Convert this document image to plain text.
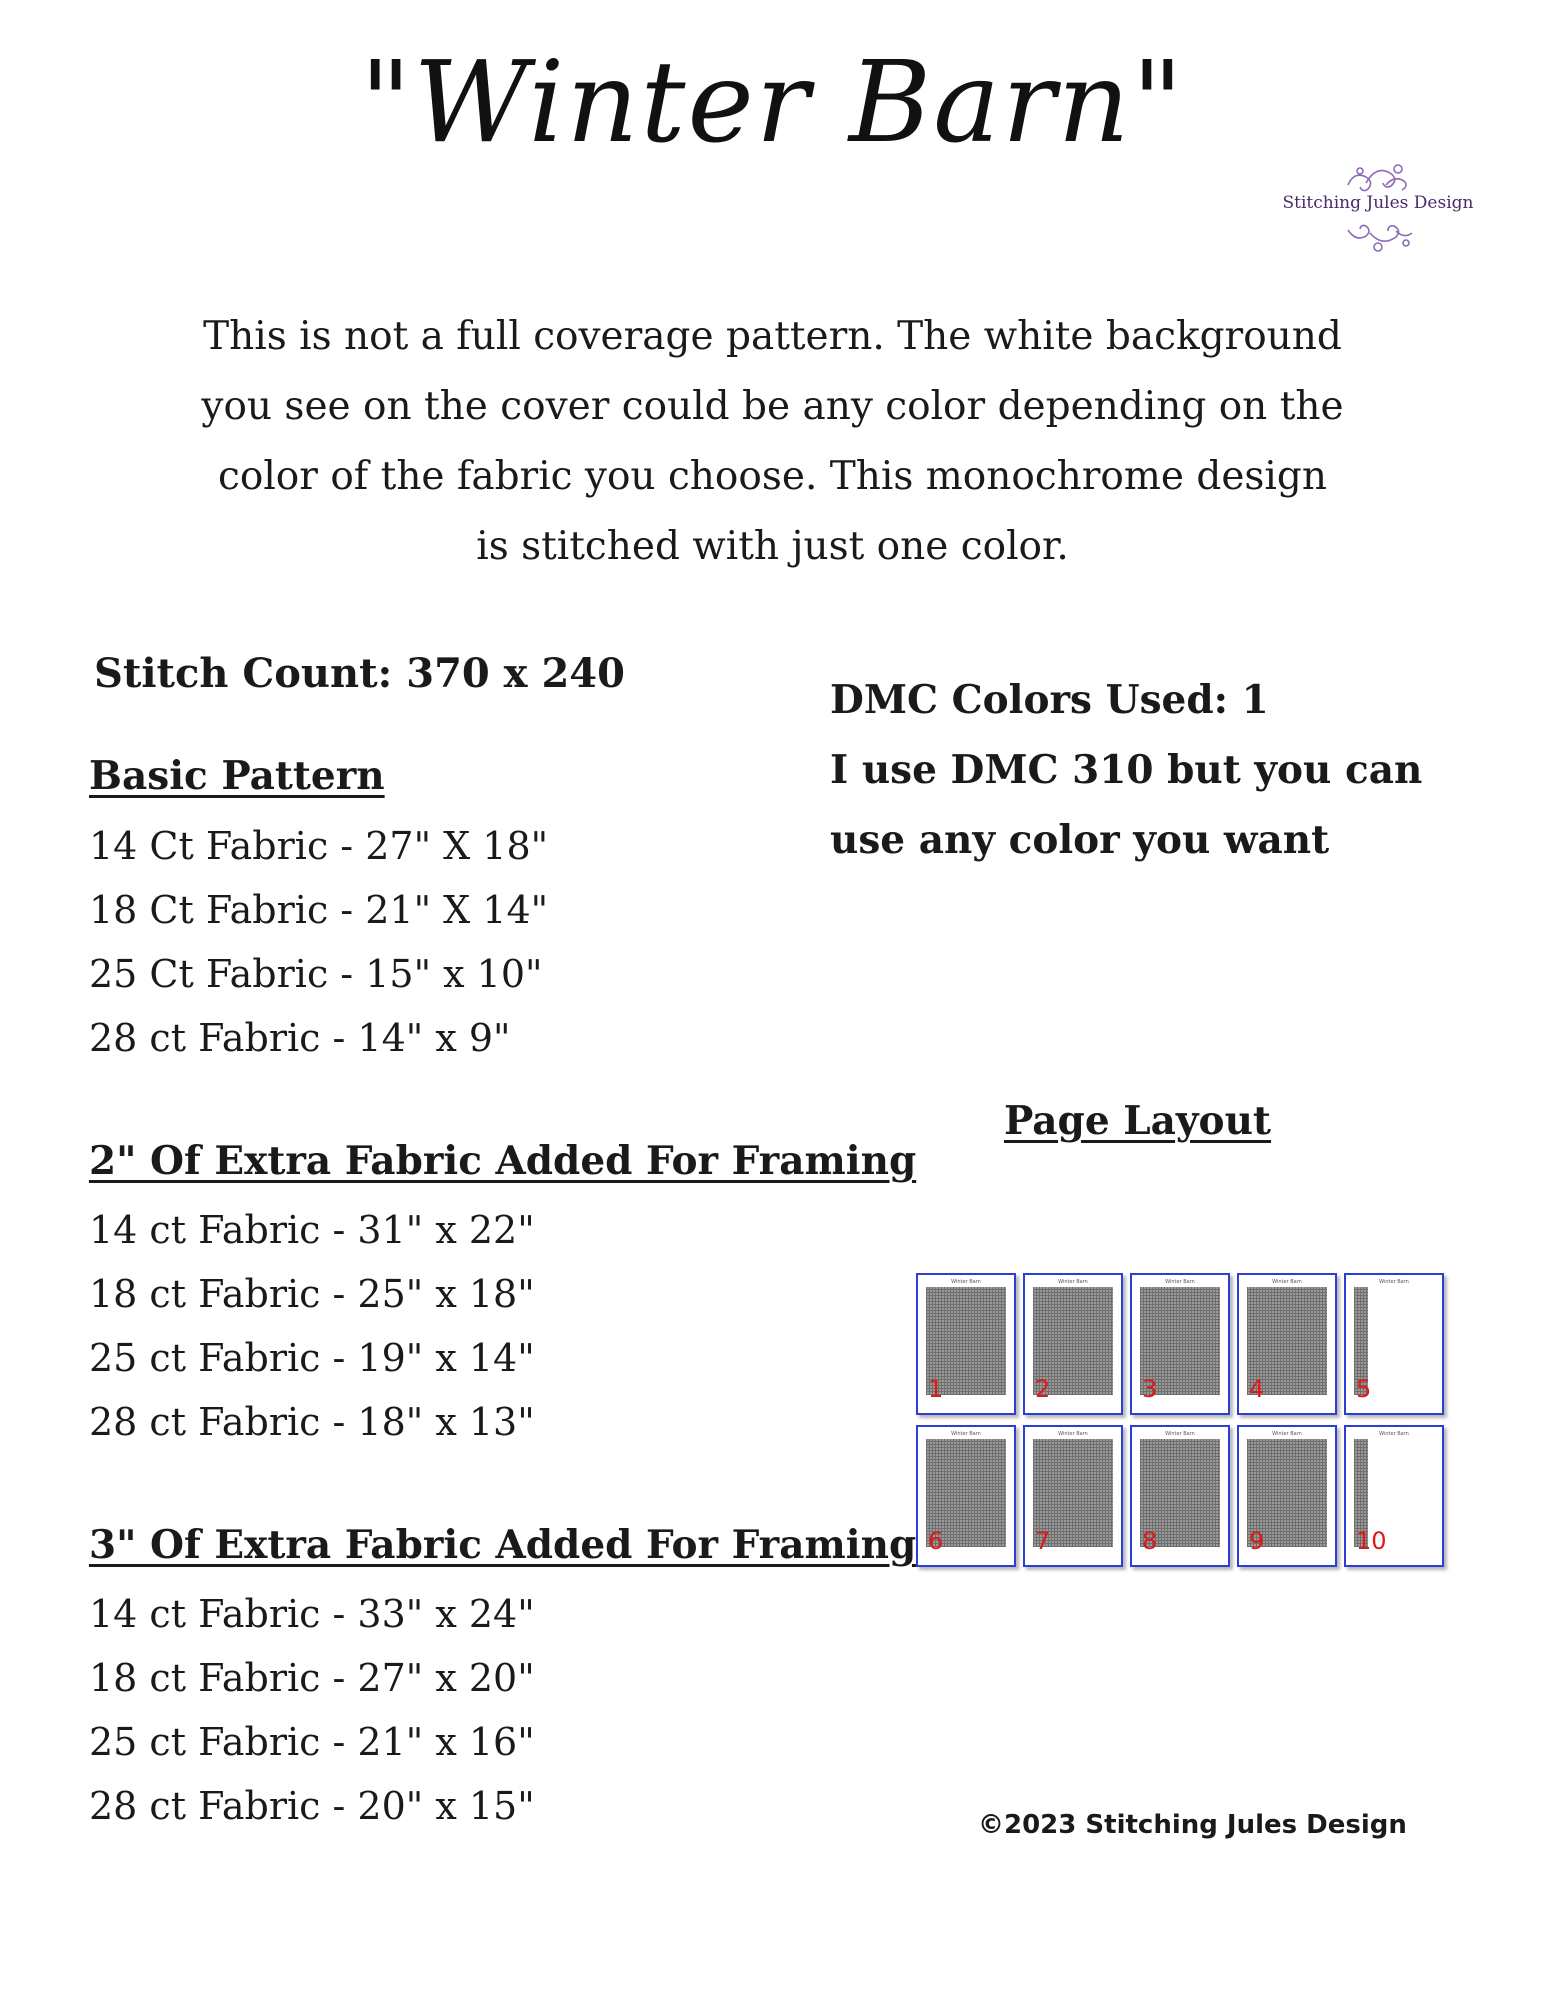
"Winter Barn"
Stitching Jules Design
This is not a full coverage pattern. The white background
you see on the cover could be any color depending on the
color of the fabric you choose. This monochrome design
is stitched with just one color.
Stitch Count: 370 x 240
DMC Colors Used: 1
I use DMC 310 but you can
use any color you want
Basic Pattern
14 Ct Fabric - 27" X 18"
18 Ct Fabric - 21" X 14"
25 Ct Fabric - 15" x 10"
28 ct Fabric - 14" x 9"
2" Of Extra Fabric Added For Framing
14 ct Fabric - 31" x 22"
18 ct Fabric - 25" x 18"
25 ct Fabric - 19" x 14"
28 ct Fabric - 18" x 13"
3" Of Extra Fabric Added For Framing
14 ct Fabric - 33" x 24"
18 ct Fabric - 27" x 20"
25 ct Fabric - 21" x 16"
28 ct Fabric - 20" x 15"
Page Layout
Winter Barn
1
Winter Barn
2
Winter Barn
3
Winter Barn
4
Winter Barn
5
Winter Barn
6
Winter Barn
7
Winter Barn
8
Winter Barn
9
Winter Barn
10
©2023 Stitching Jules Design
